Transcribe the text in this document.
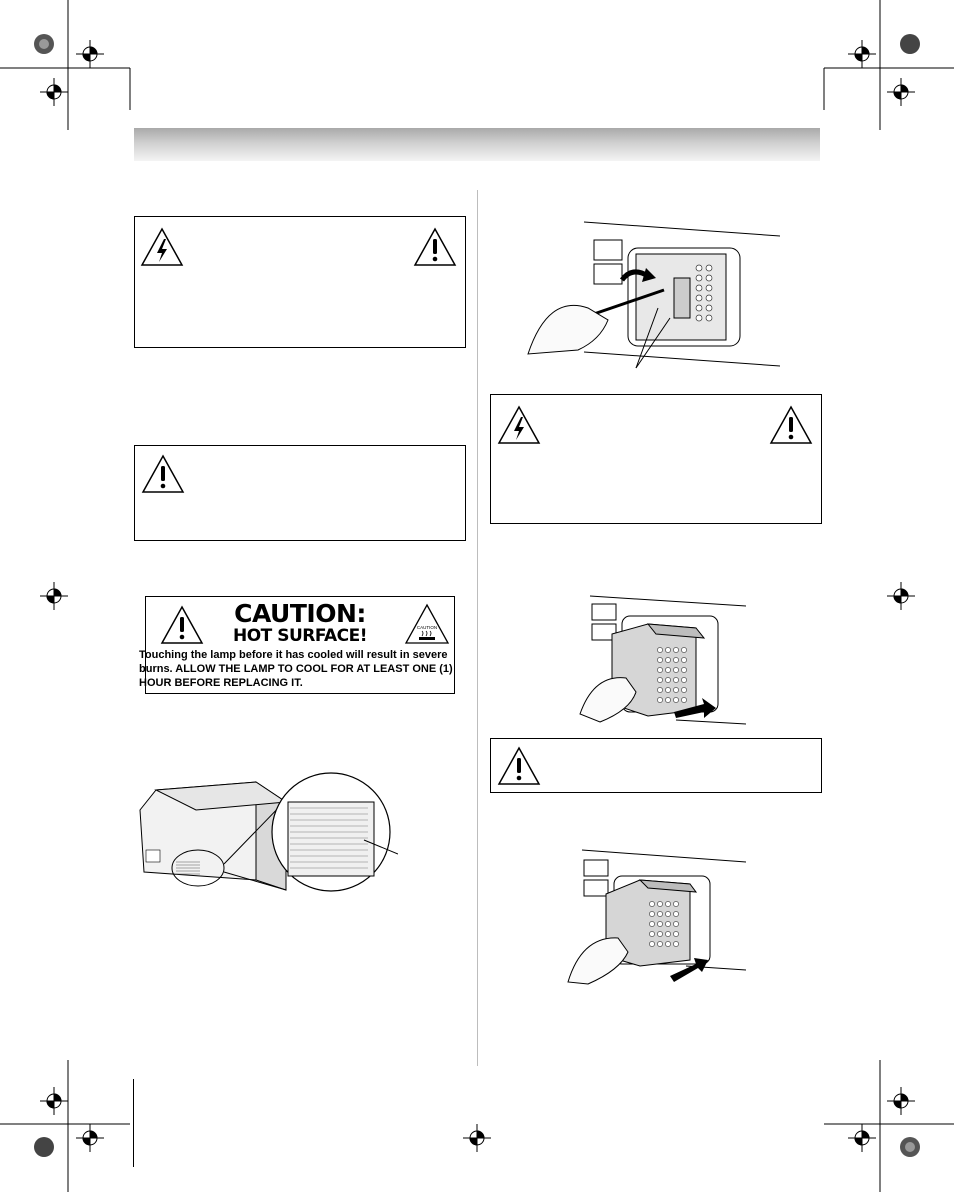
CAUTION:
HOT SURFACE!	CAUTION
Touching the lamp before it has cooled will result in severe burns. ALLOW THE LAMP TO COOL FOR AT LEAST ONE (1) HOUR BEFORE REPLACING IT.
